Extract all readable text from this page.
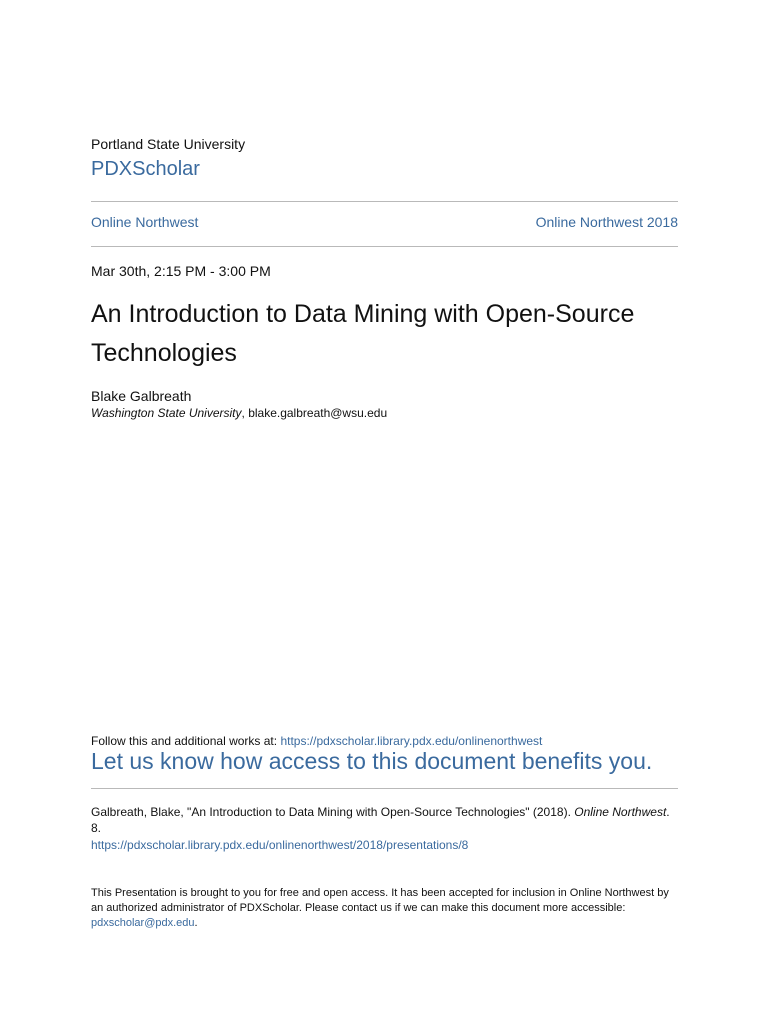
Portland State University
PDXScholar
Online Northwest	Online Northwest 2018
Mar 30th, 2:15 PM - 3:00 PM
An Introduction to Data Mining with Open-Source Technologies
Blake Galbreath
Washington State University, blake.galbreath@wsu.edu
Follow this and additional works at: https://pdxscholar.library.pdx.edu/onlinenorthwest
Let us know how access to this document benefits you.
Galbreath, Blake, "An Introduction to Data Mining with Open-Source Technologies" (2018). Online Northwest. 8.
https://pdxscholar.library.pdx.edu/onlinenorthwest/2018/presentations/8
This Presentation is brought to you for free and open access. It has been accepted for inclusion in Online Northwest by an authorized administrator of PDXScholar. Please contact us if we can make this document more accessible: pdxscholar@pdx.edu.
